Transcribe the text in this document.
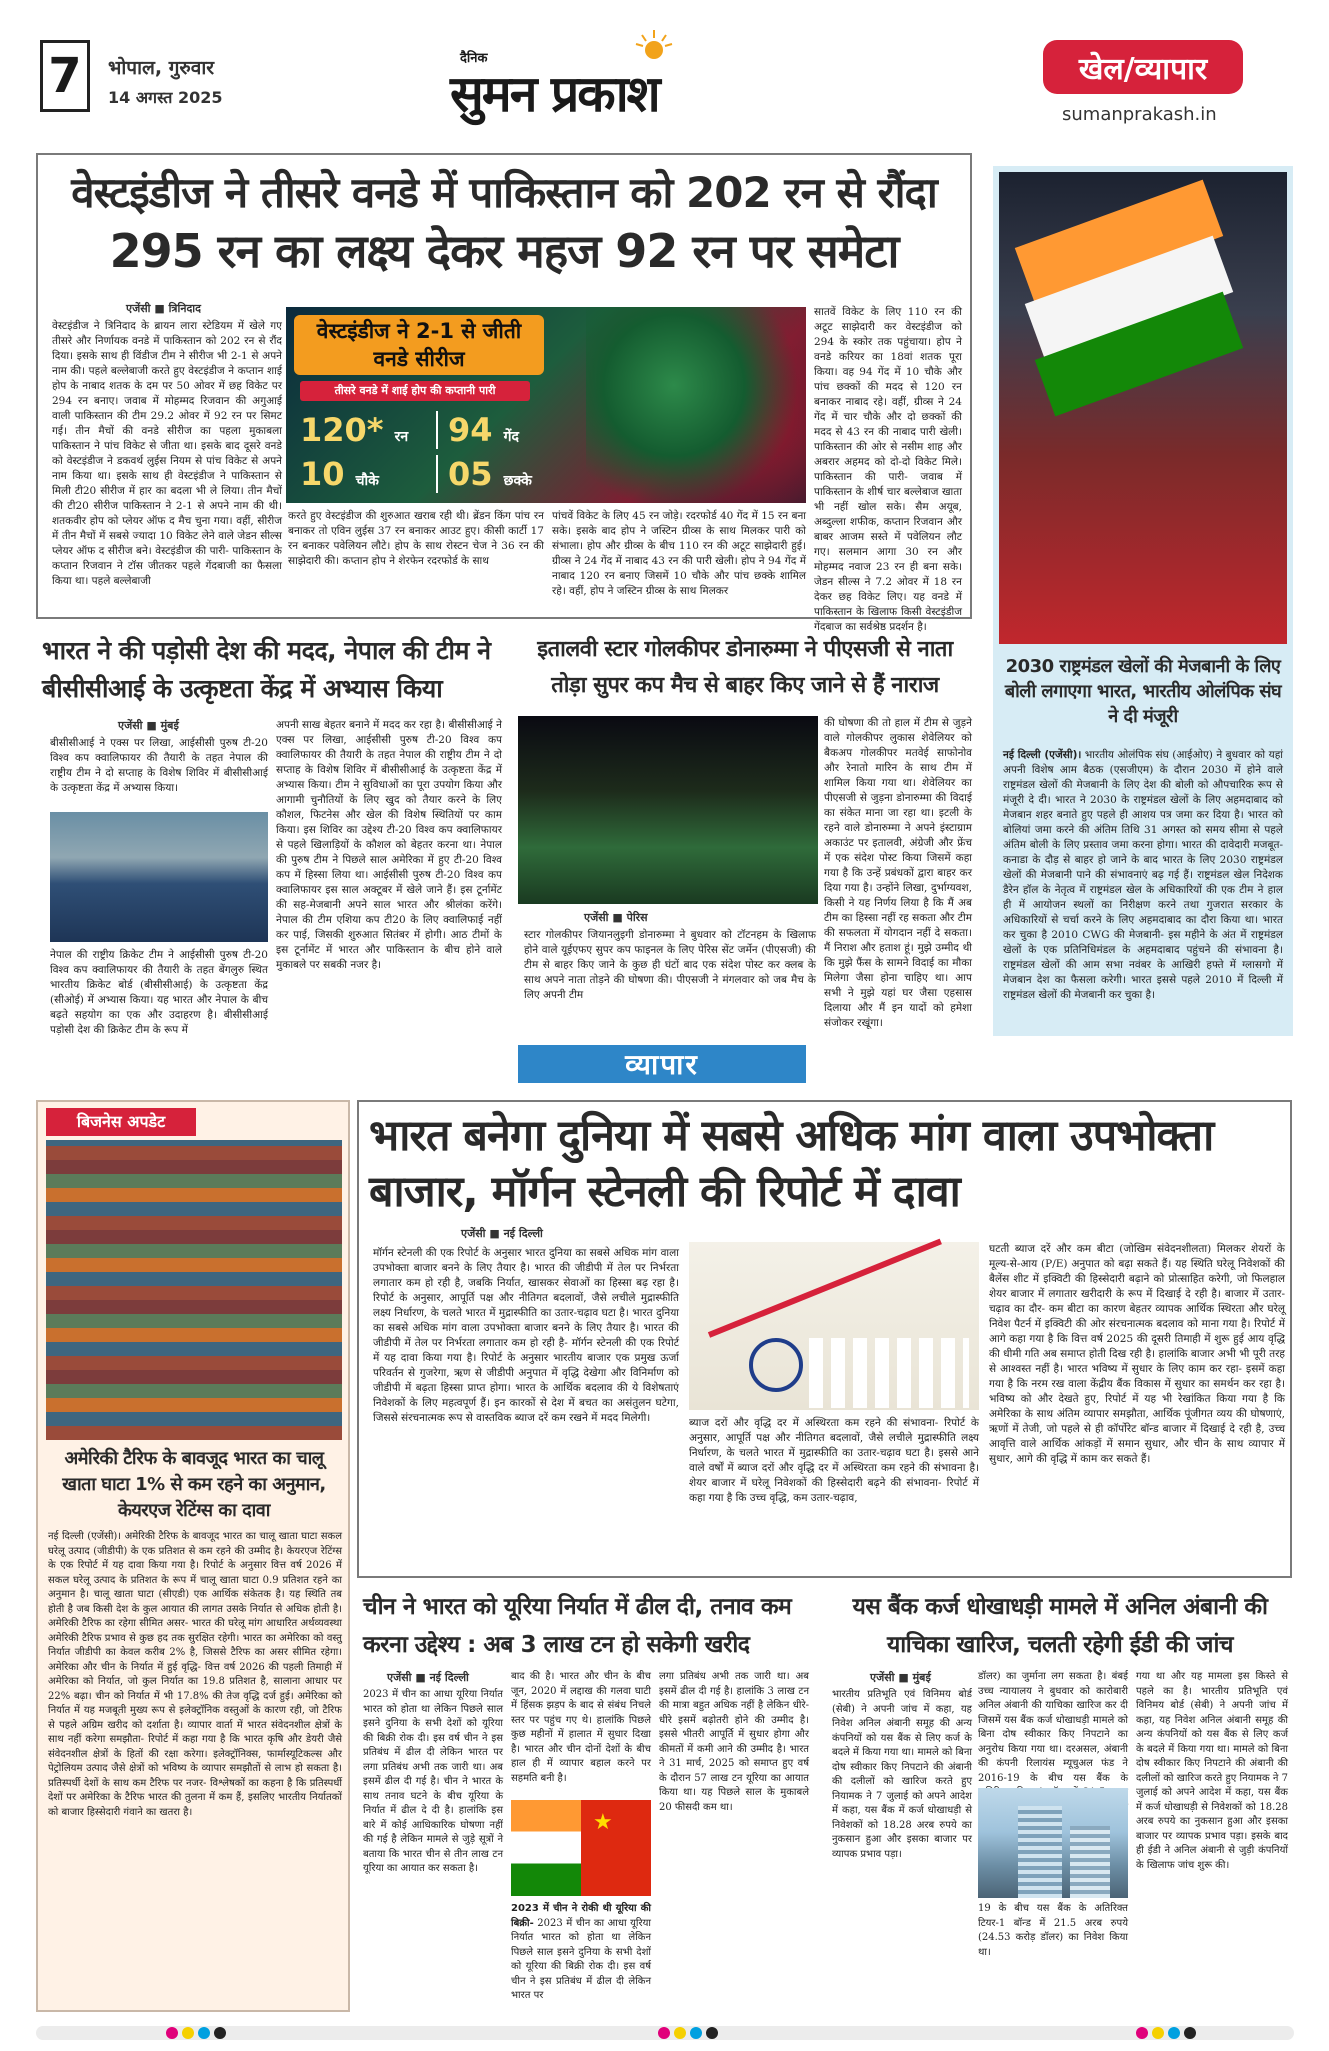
7 भोपाल, गुरुवार
14 अगस्त 2025
दैनिक
सुमन प्रकाश	खेल/व्यापार
sumanprakash.in
वेस्टइंडीज ने तीसरे वनडे में पाकिस्तान को 202 रन से रौंदा
295 रन का लक्ष्य देकर महज 92 रन पर समेटा
एजेंसी ■ त्रिनिदाद
वेस्टइंडीज ने त्रिनिदाद के ब्रायन लारा स्टेडियम में खेले गए तीसरे और निर्णायक वनडे में पाकिस्तान को 202 रन से रौंद दिया। इसके साथ ही विंडीज टीम ने सीरीज भी 2-1 से अपने नाम की। पहले बल्लेबाजी करते हुए वेस्टइंडीज ने कप्तान शाई होप के नाबाद शतक के दम पर 50 ओवर में छह विकेट पर 294 रन बनाए। जवाब में मोहम्मद रिजवान की अगुआई वाली पाकिस्तान की टीम 29.2 ओवर में 92 रन पर सिमट गई। तीन मैचों की वनडे सीरीज का पहला मुकाबला पाकिस्तान ने पांच विकेट से जीता था। इसके बाद दूसरे वनडे को वेस्टइंडीज ने डकवर्थ लुईस नियम से पांच विकेट से अपने नाम किया था। इसके साथ ही वेस्टइंडीज ने पाकिस्तान से मिली टी20 सीरीज में हार का बदला भी ले लिया। तीन मैचों की टी20 सीरीज पाकिस्तान ने 2-1 से अपने नाम की थी। शतकवीर होप को प्लेयर ऑफ द मैच चुना गया। वहीं, सीरीज में तीन मैचों में सबसे ज्यादा 10 विकेट लेने वाले जेडन सील्स प्लेयर ऑफ द सीरीज बने। वेस्टइंडीज की पारी- पाकिस्तान के कप्तान रिजवान ने टॉस जीतकर पहले गेंदबाजी का फैसला किया था। पहले बल्लेबाजी
वेस्टइंडीज ने 2-1 से जीती वनडे सीरीज
तीसरे वनडे में शाई होप की कप्तानी पारी
120* रन	94 गेंद
10 चौके	05 छक्के
करते हुए वेस्टइंडीज की शुरुआत खराब रही थी। ब्रेंडन किंग पांच रन बनाकर तो एविन लुईस 37 रन बनाकर आउट हुए। कीसी कार्टी 17 रन बनाकर पवेलियन लौटे। होप के साथ रोस्टन चेज ने 36 रन की साझेदारी की। कप्तान होप ने शेरफेन रदरफोर्ड के साथ
पांचवें विकेट के लिए 45 रन जोड़े। रदरफोर्ड 40 गेंद में 15 रन बना सके। इसके बाद होप ने जस्टिन ग्रीव्स के साथ मिलकर पारी को संभाला। होप और ग्रीव्स के बीच 110 रन की अटूट साझेदारी हुई। ग्रीव्स ने 24 गेंद में नाबाद 43 रन की पारी खेली। होप ने 94 गेंद में नाबाद 120 रन बनाए जिसमें 10 चौके और पांच छक्के शामिल रहे। वहीं, होप ने जस्टिन ग्रीव्स के साथ मिलकर
सातवें विकेट के लिए 110 रन की अटूट साझेदारी कर वेस्टइंडीज को 294 के स्कोर तक पहुंचाया। होप ने वनडे करियर का 18वां शतक पूरा किया। वह 94 गेंद में 10 चौके और पांच छक्कों की मदद से 120 रन बनाकर नाबाद रहे। वहीं, ग्रीव्स ने 24 गेंद में चार चौके और दो छक्कों की मदद से 43 रन की नाबाद पारी खेली। पाकिस्तान की ओर से नसीम शाह और अबरार अहमद को दो-दो विकेट मिले। पाकिस्तान की पारी- जवाब में पाकिस्तान के शीर्ष चार बल्लेबाज खाता भी नहीं खोल सके। सैम अयूब, अब्दुल्ला शफीक, कप्तान रिजवान और बाबर आजम सस्ते में पवेलियन लौट गए। सलमान आगा 30 रन और मोहम्मद नवाज 23 रन ही बना सके। जेडन सील्स ने 7.2 ओवर में 18 रन देकर छह विकेट लिए। यह वनडे में पाकिस्तान के खिलाफ किसी वेस्टइंडीज गेंदबाज का सर्वश्रेष्ठ प्रदर्शन है।
2030 राष्ट्रमंडल खेलों की मेजबानी के लिए बोली लगाएगा भारत, भारतीय ओलंपिक संघ ने दी मंजूरी
नई दिल्ली (एजेंसी)। भारतीय ओलंपिक संघ (आईओए) ने बुधवार को यहां अपनी विशेष आम बैठक (एसजीएम) के दौरान 2030 में होने वाले राष्ट्रमंडल खेलों की मेजबानी के लिए देश की बोली को औपचारिक रूप से मंजूरी दे दी। भारत ने 2030 के राष्ट्रमंडल खेलों के लिए अहमदाबाद को मेजबान शहर बनाते हुए पहले ही आशय पत्र जमा कर दिया है। भारत को बोलियां जमा करने की अंतिम तिथि 31 अगस्त को समय सीमा से पहले अंतिम बोली के लिए प्रस्ताव जमा करना होगा। भारत की दावेदारी मजबूत- कनाडा के दौड़ से बाहर हो जाने के बाद भारत के लिए 2030 राष्ट्रमंडल खेलों की मेजबानी पाने की संभावनाएं बढ़ गई हैं। राष्ट्रमंडल खेल निदेशक डैरेन हॉल के नेतृत्व में राष्ट्रमंडल खेल के अधिकारियों की एक टीम ने हाल ही में आयोजन स्थलों का निरीक्षण करने तथा गुजरात सरकार के अधिकारियों से चर्चा करने के लिए अहमदाबाद का दौरा किया था। भारत कर चुका है 2010 CWG की मेजबानी- इस महीने के अंत में राष्ट्रमंडल खेलों के एक प्रतिनिधिमंडल के अहमदाबाद पहुंचने की संभावना है। राष्ट्रमंडल खेलों की आम सभा नवंबर के आखिरी हफ्ते में ग्लासगो में मेजबान देश का फैसला करेगी। भारत इससे पहले 2010 में दिल्ली में राष्ट्रमंडल खेलों की मेजबानी कर चुका है।
भारत ने की पड़ोसी देश की मदद, नेपाल की टीम ने बीसीसीआई के उत्कृष्टता केंद्र में अभ्यास किया
एजेंसी ■ मुंबई
बीसीसीआई ने एक्स पर लिखा, आईसीसी पुरुष टी-20 विश्व कप क्वालिफायर की तैयारी के तहत नेपाल की राष्ट्रीय टीम ने दो सप्ताह के विशेष शिविर में बीसीसीआई के उत्कृष्टता केंद्र में अभ्यास किया।
नेपाल की राष्ट्रीय क्रिकेट टीम ने आईसीसी पुरुष टी-20 विश्व कप क्वालिफायर की तैयारी के तहत बेंगलुरु स्थित भारतीय क्रिकेट बोर्ड (बीसीसीआई) के उत्कृष्टता केंद्र (सीओई) में अभ्यास किया। यह भारत और नेपाल के बीच बढ़ते सहयोग का एक और उदाहरण है। बीसीसीआई पड़ोसी देश की क्रिकेट टीम के रूप में
अपनी साख बेहतर बनाने में मदद कर रहा है। बीसीसीआई ने एक्स पर लिखा, आईसीसी पुरुष टी-20 विश्व कप क्वालिफायर की तैयारी के तहत नेपाल की राष्ट्रीय टीम ने दो सप्ताह के विशेष शिविर में बीसीसीआई के उत्कृष्टता केंद्र में अभ्यास किया। टीम ने सुविधाओं का पूरा उपयोग किया और आगामी चुनौतियों के लिए खुद को तैयार करने के लिए कौशल, फिटनेस और खेल की विशेष स्थितियों पर काम किया। इस शिविर का उद्देश्य टी-20 विश्व कप क्वालिफायर से पहले खिलाड़ियों के कौशल को बेहतर करना था। नेपाल की पुरुष टीम ने पिछले साल अमेरिका में हुए टी-20 विश्व कप में हिस्सा लिया था। आईसीसी पुरुष टी-20 विश्व कप क्वालिफायर इस साल अक्टूबर में खेले जाने हैं। इस टूर्नामेंट की सह-मेजबानी अपने साल भारत और श्रीलंका करेंगे। नेपाल की टीम एशिया कप टी20 के लिए क्वालिफाई नहीं कर पाई, जिसकी शुरुआत सितंबर में होगी। आठ टीमों के इस टूर्नामेंट में भारत और पाकिस्तान के बीच होने वाले मुकाबले पर सबकी नजर है।
इतालवी स्टार गोलकीपर डोनारुम्मा ने पीएसजी से नाता तोड़ा सुपर कप मैच से बाहर किए जाने से हैं नाराज
एजेंसी ■ पेरिस
स्टार गोलकीपर जियानलुइगी डोनारुम्मा ने बुधवार को टॉटनहम के खिलाफ होने वाले यूईएफए सुपर कप फाइनल के लिए पेरिस सेंट जर्मेन (पीएसजी) की टीम से बाहर किए जाने के कुछ ही घंटों बाद एक संदेश पोस्ट कर क्लब के साथ अपने नाता तोड़ने की घोषणा की। पीएसजी ने मंगलवार को जब मैच के लिए अपनी टीम
की घोषणा की तो हाल में टीम से जुड़ने वाले गोलकीपर लुकास शेवेलियर को बैकअप गोलकीपर मतवेई साफोनोव और रेनातो मारिन के साथ टीम में शामिल किया गया था। शेवेलियर का पीएसजी से जुड़ना डोनारुम्मा की विदाई का संकेत माना जा रहा था। इटली के रहने वाले डोनारुम्मा ने अपने इंस्टाग्राम अकाउंट पर इतालवी, अंग्रेजी और फ्रेंच में एक संदेश पोस्ट किया जिसमें कहा गया है कि उन्हें प्रबंधकों द्वारा बाहर कर दिया गया है। उन्होंने लिखा, दुर्भाग्यवश, किसी ने यह निर्णय लिया है कि मैं अब टीम का हिस्सा नहीं रह सकता और टीम की सफलता में योगदान नहीं दे सकता। मैं निराश और हताश हूं। मुझे उम्मीद थी कि मुझे फैंस के सामने विदाई का मौका मिलेगा जैसा होना चाहिए था। आप सभी ने मुझे यहां घर जैसा एहसास दिलाया और मैं इन यादों को हमेशा संजोकर रखूंगा।
व्यापार
बिजनेस अपडेट
अमेरिकी टैरिफ के बावजूद भारत का चालू खाता घाटा 1% से कम रहने का अनुमान, केयरएज रेटिंग्स का दावा
नई दिल्ली (एजेंसी)। अमेरिकी टैरिफ के बावजूद भारत का चालू खाता घाटा सकल घरेलू उत्पाद (जीडीपी) के एक प्रतिशत से कम रहने की उम्मीद है। केयरएज रेटिंग्स के एक रिपोर्ट में यह दावा किया गया है। रिपोर्ट के अनुसार वित्त वर्ष 2026 में सकल घरेलू उत्पाद के प्रतिशत के रूप में चालू खाता घाटा 0.9 प्रतिशत रहने का अनुमान है। चालू खाता घाटा (सीएडी) एक आर्थिक संकेतक है। यह स्थिति तब होती है जब किसी देश के कुल आयात की लागत उसके निर्यात से अधिक होती है। अमेरिकी टैरिफ का रहेगा सीमित असर- भारत की घरेलू मांग आधारित अर्थव्यवस्था अमेरिकी टैरिफ प्रभाव से कुछ हद तक सुरक्षित रहेगी। भारत का अमेरिका को वस्तु निर्यात जीडीपी का केवल करीब 2% है, जिससे टैरिफ का असर सीमित रहेगा। अमेरिका और चीन के निर्यात में हुई वृद्धि- वित्त वर्ष 2026 की पहली तिमाही में अमेरिका को निर्यात, जो कुल निर्यात का 19.8 प्रतिशत है, सालाना आधार पर 22% बढ़ा। चीन को निर्यात में भी 17.8% की तेज वृद्धि दर्ज हुई। अमेरिका को निर्यात में यह मजबूती मुख्य रूप से इलेक्ट्रॉनिक वस्तुओं के कारण रही, जो टैरिफ से पहले अग्रिम खरीद को दर्शाता है। व्यापार वार्ता में भारत संवेदनशील क्षेत्रों के साथ नहीं करेगा समझौता- रिपोर्ट में कहा गया है कि भारत कृषि और डेयरी जैसे संवेदनशील क्षेत्रों के हितों की रक्षा करेगा। इलेक्ट्रॉनिक्स, फार्मास्यूटिकल्स और पेट्रोलियम उत्पाद जैसे क्षेत्रों को भविष्य के व्यापार समझौतों से लाभ हो सकता है। प्रतिस्पर्धी देशों के साथ कम टैरिफ पर नजर- विश्लेषकों का कहना है कि प्रतिस्पर्धी देशों पर अमेरिका के टैरिफ भारत की तुलना में कम हैं, इसलिए भारतीय निर्यातकों को बाजार हिस्सेदारी गंवाने का खतरा है।
भारत बनेगा दुनिया में सबसे अधिक मांग वाला उपभोक्ता बाजार, मॉर्गन स्टेनली की रिपोर्ट में दावा
एजेंसी ■ नई दिल्ली
मॉर्गन स्टेनली की एक रिपोर्ट के अनुसार भारत दुनिया का सबसे अधिक मांग वाला उपभोक्ता बाजार बनने के लिए तैयार है। भारत की जीडीपी में तेल पर निर्भरता लगातार कम हो रही है, जबकि निर्यात, खासकर सेवाओं का हिस्सा बढ़ रहा है। रिपोर्ट के अनुसार, आपूर्ति पक्ष और नीतिगत बदलावों, जैसे लचीले मुद्रास्फीति लक्ष्य निर्धारण, के चलते भारत में मुद्रास्फीति का उतार-चढ़ाव घटा है। भारत दुनिया का सबसे अधिक मांग वाला उपभोक्ता बाजार बनने के लिए तैयार है। भारत की जीडीपी में तेल पर निर्भरता लगातार कम हो रही है- मॉर्गन स्टेनली की एक रिपोर्ट में यह दावा किया गया है। रिपोर्ट के अनुसार भारतीय बाजार एक प्रमुख ऊर्जा परिवर्तन से गुजरेगा, ऋण से जीडीपी अनुपात में वृद्धि देखेगा और विनिर्माण को जीडीपी में बढ़ता हिस्सा प्राप्त होगा। भारत के आर्थिक बदलाव की ये विशेषताएं निवेशकों के लिए महत्वपूर्ण हैं। इन कारकों से देश में बचत का असंतुलन घटेगा, जिससे संरचनात्मक रूप से वास्तविक ब्याज दरें कम रखने में मदद मिलेगी।	ब्याज दरों और वृद्धि दर में अस्थिरता कम रहने की संभावना- रिपोर्ट के अनुसार, आपूर्ति पक्ष और नीतिगत बदलावों, जैसे लचीले मुद्रास्फीति लक्ष्य निर्धारण, के चलते भारत में मुद्रास्फीति का उतार-चढ़ाव घटा है। इससे आने वाले वर्षों में ब्याज दरों और वृद्धि दर में अस्थिरता कम रहने की संभावना है। शेयर बाजार में घरेलू निवेशकों की हिस्सेदारी बढ़ने की संभावना- रिपोर्ट में कहा गया है कि उच्च वृद्धि, कम उतार-चढ़ाव,
घटती ब्याज दरें और कम बीटा (जोखिम संवेदनशीलता) मिलकर शेयरों के मूल्य-से-आय (P/E) अनुपात को बढ़ा सकते हैं। यह स्थिति घरेलू निवेशकों की बैलेंस शीट में इक्विटी की हिस्सेदारी बढ़ाने को प्रोत्साहित करेगी, जो फिलहाल शेयर बाजार में लगातार खरीदारी के रूप में दिखाई दे रही है। बाजार में उतार-चढ़ाव का दौर- कम बीटा का कारण बेहतर व्यापक आर्थिक स्थिरता और घरेलू निवेश पैटर्न में इक्विटी की ओर संरचनात्मक बदलाव को माना गया है। रिपोर्ट में आगे कहा गया है कि वित्त वर्ष 2025 की दूसरी तिमाही में शुरू हुई आय वृद्धि की धीमी गति अब समाप्त होती दिख रही है। हालांकि बाजार अभी भी पूरी तरह से आश्वस्त नहीं है। भारत भविष्य में सुधार के लिए काम कर रहा- इसमें कहा गया है कि नरम रख वाला केंद्रीय बैंक विकास में सुधार का समर्थन कर रहा है। भविष्य को और देखते हुए, रिपोर्ट में यह भी रेखांकित किया गया है कि अमेरिका के साथ अंतिम व्यापार समझौता, आर्थिक पूंजीगत व्यय की घोषणाएं, ऋणों में तेजी, जो पहले से ही कॉर्पोरेट बॉन्ड बाजार में दिखाई दे रही है, उच्च आवृत्ति वाले आर्थिक आंकड़ों में समान सुधार, और चीन के साथ व्यापार में सुधार, आगे की वृद्धि में काम कर सकते हैं।
चीन ने भारत को यूरिया निर्यात में ढील दी, तनाव कम करना उद्देश्य : अब 3 लाख टन हो सकेगी खरीद
एजेंसी ■ नई दिल्ली
2023 में चीन का आधा यूरिया निर्यात भारत को होता था लेकिन पिछले साल इसने दुनिया के सभी देशों को यूरिया की बिक्री रोक दी। इस वर्ष चीन ने इस प्रतिबंध में ढील दी लेकिन भारत पर लगा प्रतिबंध अभी तक जारी था। अब इसमें ढील दी गई है। चीन ने भारत के साथ तनाव घटने के बीच यूरिया के निर्यात में ढील दे दी है। हालांकि इस बारे में कोई आधिकारिक घोषणा नहीं की गई है लेकिन मामले से जुड़े सूत्रों ने बताया कि भारत चीन से तीन लाख टन यूरिया का आयात कर सकता है।
बाद की है। भारत और चीन के बीच जून, 2020 में लद्दाख की गलवा घाटी में हिंसक झड़प के बाद से संबंध निचले स्तर पर पहुंच गए थे। हालांकि पिछले कुछ महीनों में हालात में सुधार दिखा है। भारत और चीन दोनों देशों के बीच हाल ही में व्यापार बहाल करने पर सहमति बनी है।
★
2023 में चीन ने रोकी थी यूरिया की बिक्री- 2023 में चीन का आधा यूरिया निर्यात भारत को होता था लेकिन पिछले साल इसने दुनिया के सभी देशों को यूरिया की बिक्री रोक दी। इस वर्ष चीन ने इस प्रतिबंध में ढील दी लेकिन भारत पर
लगा प्रतिबंध अभी तक जारी था। अब इसमें ढील दी गई है। हालांकि 3 लाख टन की मात्रा बहुत अधिक नहीं है लेकिन धीरे-धीरे इसमें बढ़ोतरी होने की उम्मीद है। इससे भीतरी आपूर्ति में सुधार होगा और कीमतों में कमी आने की उम्मीद है। भारत ने 31 मार्च, 2025 को समाप्त हुए वर्ष के दौरान 57 लाख टन यूरिया का आयात किया था। यह पिछले साल के मुकाबले 20 फीसदी कम था।
यस बैंक कर्ज धोखाधड़ी मामले में अनिल अंबानी की याचिका खारिज, चलती रहेगी ईडी की जांच
एजेंसी ■ मुंबई
भारतीय प्रतिभूति एवं विनिमय बोर्ड (सेबी) ने अपनी जांच में कहा, यह निवेश अनिल अंबानी समूह की अन्य कंपनियों को यस बैंक से लिए कर्ज के बदले में किया गया था। मामले को बिना दोष स्वीकार किए निपटाने की अंबानी की दलीलों को खारिज करते हुए नियामक ने 7 जुलाई को अपने आदेश में कहा, यस बैंक में कर्ज धोखाधड़ी से निवेशकों को 18.28 अरब रुपये का नुकसान हुआ और इसका बाजार पर व्यापक प्रभाव पड़ा।
डॉलर) का जुर्माना लग सकता है। बंबई उच्च न्यायालय ने बुधवार को कारोबारी अनिल अंबानी की याचिका खारिज कर दी जिसमें यस बैंक कर्ज धोखाधड़ी मामले को बिना दोष स्वीकार किए निपटाने का अनुरोध किया गया था। दरअसल, अंबानी की कंपनी रिलायंस म्यूचुअल फंड ने 2016-19 के बीच यस बैंक के
19 के बीच यस बैंक के अतिरिक्त टियर-1 बॉन्ड में 21.5 अरब रुपये (24.53 करोड़ डॉलर) का निवेश किया था।
गया था और यह मामला इस किस्ते से पहले का है। भारतीय प्रतिभूति एवं विनिमय बोर्ड (सेबी) ने अपनी जांच में कहा, यह निवेश अनिल अंबानी समूह की अन्य कंपनियों को यस बैंक से लिए कर्ज के बदले में किया गया था। मामले को बिना दोष स्वीकार किए निपटाने की अंबानी की दलीलों को खारिज करते हुए नियामक ने 7 जुलाई को अपने आदेश में कहा, यस बैंक में कर्ज धोखाधड़ी से निवेशकों को 18.28 अरब रुपये का नुकसान हुआ और इसका बाजार पर व्यापक प्रभाव पड़ा। इसके बाद ही ईडी ने अनिल अंबानी से जुड़ी कंपनियों के खिलाफ जांच शुरू की।
